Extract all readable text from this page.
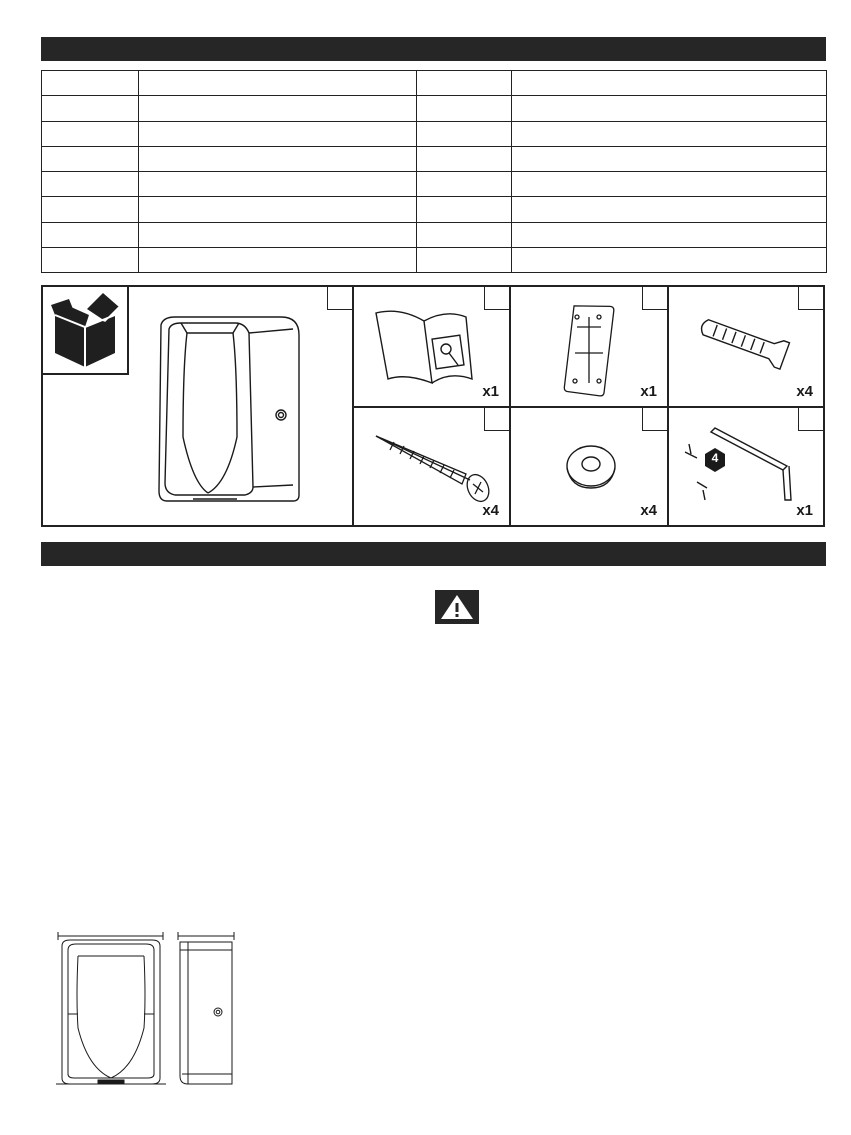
x1	x1	x4
x4	x4
4
x1
